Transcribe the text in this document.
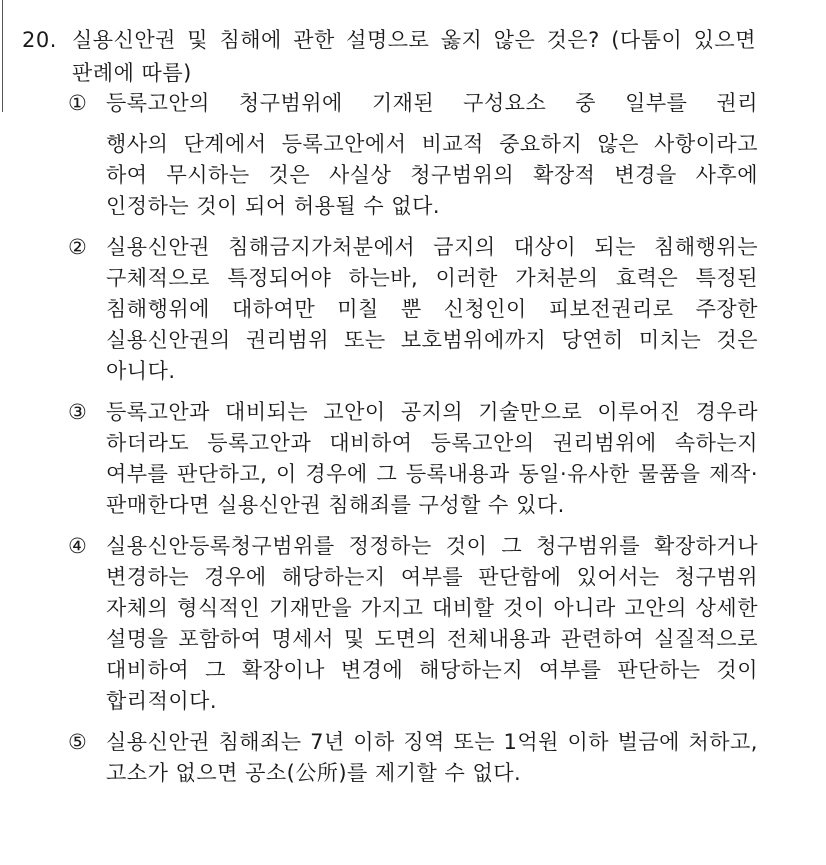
20. 실용신안권 및 침해에 관한 설명으로 옳지 않은 것은? (다툼이 있으면 판례에 따름)
① 등록고안의 청구범위에 기재된 구성요소 중 일부를 권리
행사의 단계에서 등록고안에서 비교적 중요하지 않은 사항이라고 하여 무시하는 것은 사실상 청구범위의 확장적 변경을 사후에 인정하는 것이 되어 허용될 수 없다.
② 실용신안권 침해금지가처분에서 금지의 대상이 되는 침해행위는 구체적으로 특정되어야 하는바, 이러한 가처분의 효력은 특정된 침해행위에 대하여만 미칠 뿐 신청인이 피보전권리로 주장한 실용신안권의 권리범위 또는 보호범위에까지 당연히 미치는 것은 아니다.
③ 등록고안과 대비되는 고안이 공지의 기술만으로 이루어진 경우라 하더라도 등록고안과 대비하여 등록고안의 권리범위에 속하는지 여부를 판단하고, 이 경우에 그 등록내용과 동일·유사한 물품을 제작·판매한다면 실용신안권 침해죄를 구성할 수 있다.
④ 실용신안등록청구범위를 정정하는 것이 그 청구범위를 확장하거나 변경하는 경우에 해당하는지 여부를 판단함에 있어서는 청구범위 자체의 형식적인 기재만을 가지고 대비할 것이 아니라 고안의 상세한 설명을 포함하여 명세서 및 도면의 전체내용과 관련하여 실질적으로 대비하여 그 확장이나 변경에 해당하는지 여부를 판단하는 것이 합리적이다.
⑤ 실용신안권 침해죄는 7년 이하 징역 또는 1억원 이하 벌금에 처하고, 고소가 없으면 공소(公所)를 제기할 수 없다.
